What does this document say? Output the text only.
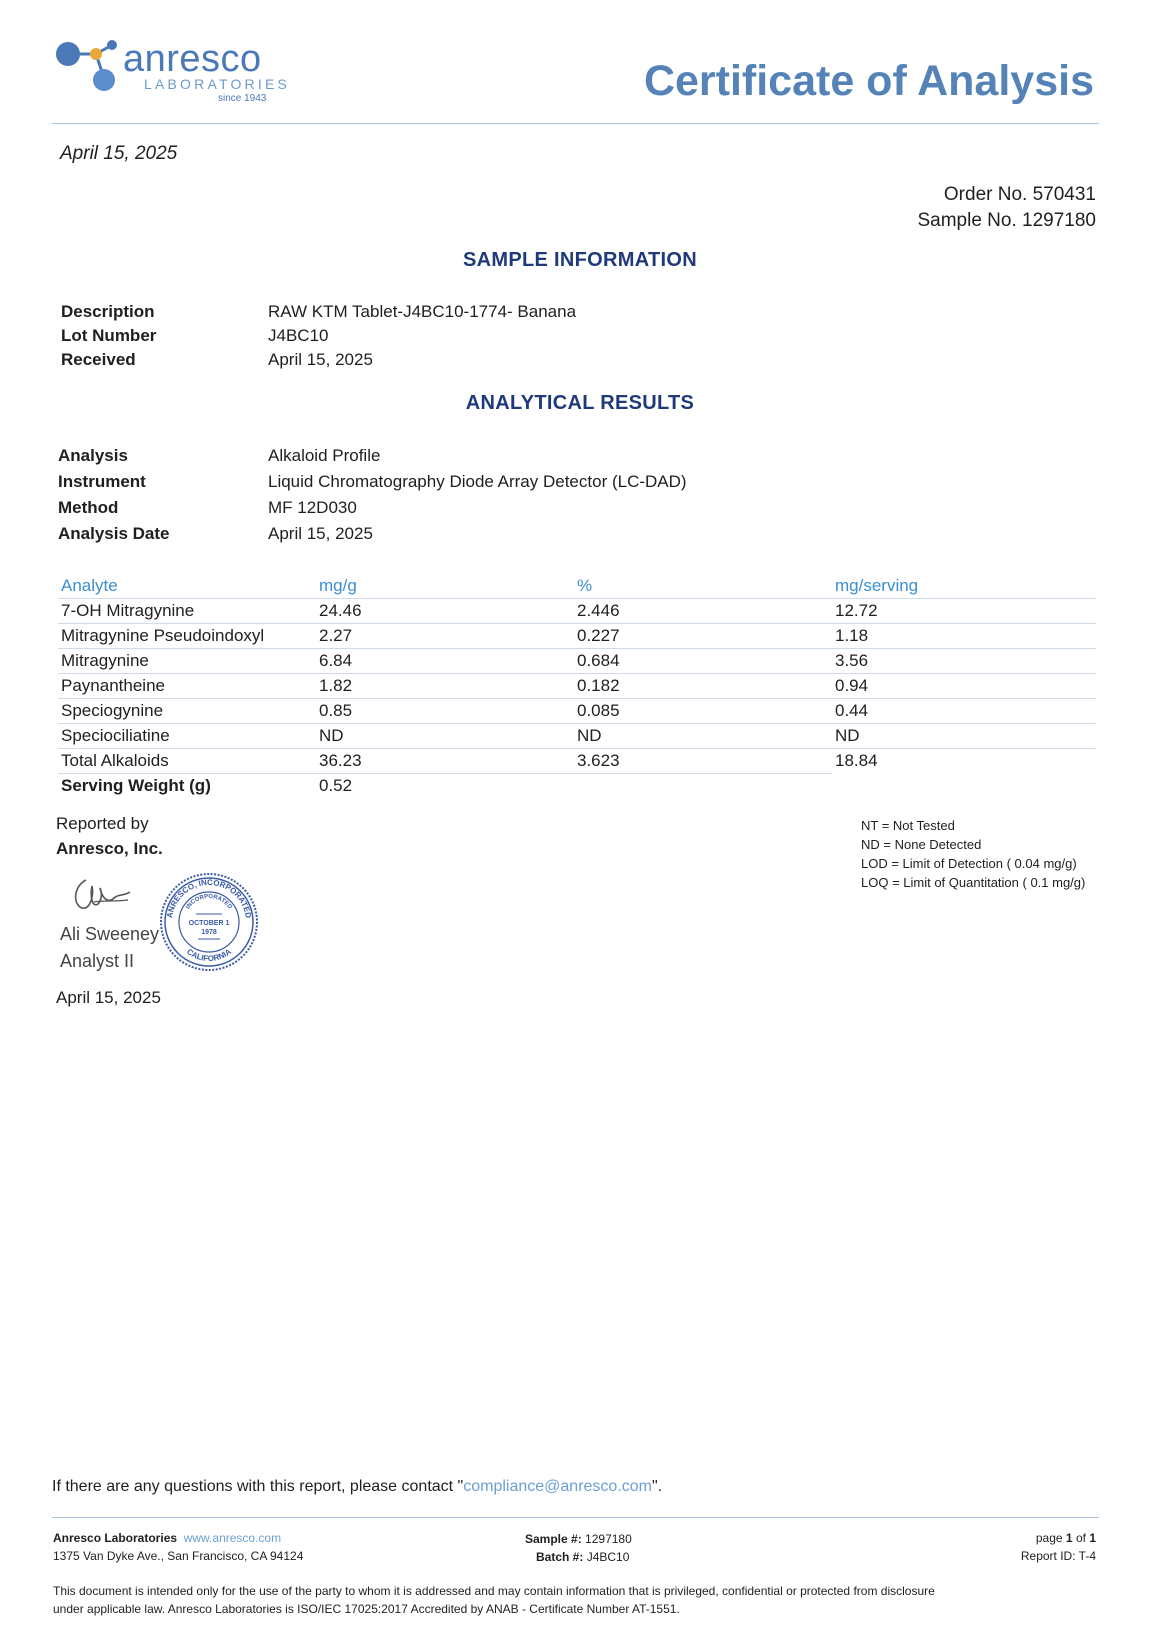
anresco
LABORATORIES
since 1943	Certificate of Analysis
April 15, 2025
Order No. 570431
Sample No. 1297180
SAMPLE INFORMATION
Description	RAW KTM Tablet-J4BC10-1774- Banana
Lot Number	J4BC10
Received	April 15, 2025
ANALYTICAL RESULTS
Analysis	Alkaloid Profile
Instrument	Liquid Chromatography Diode Array Detector (LC-DAD)
Method	MF 12D030
Analysis Date	April 15, 2025
Analyte	mg/g	%	mg/serving
7-OH Mitragynine	24.46	2.446	12.72
Mitragynine Pseudoindoxyl	2.27	0.227	1.18
Mitragynine	6.84	0.684	3.56
Paynantheine	1.82	0.182	0.94
Speciogynine	0.85	0.085	0.44
Speciociliatine	ND	ND	ND
Total Alkaloids	36.23	3.623	18.84
Serving Weight (g)	0.52		
Reported by
Anresco, Inc.
Ali Sweeney
Analyst II
ANRESCO, INCORPORATED
CALIFORNIA
INCORPORATED
OCTOBER 1
1978
April 15, 2025
NT = Not Tested
ND = None Detected
LOD = Limit of Detection ( 0.04 mg/g)
LOQ = Limit of Quantitation ( 0.1 mg/g)
If there are any questions with this report, please contact "compliance@anresco.com".
Anresco Laboratories www.anresco.com
1375 Van Dyke Ave., San Francisco, CA 94124
Sample #: 1297180
Batch #: J4BC10
page 1 of 1
Report ID: T-4
This document is intended only for the use of the party to whom it is addressed and may contain information that is privileged, confidential or protected from disclosure
under applicable law. Anresco Laboratories is ISO/IEC 17025:2017 Accredited by ANAB - Certificate Number AT-1551.
